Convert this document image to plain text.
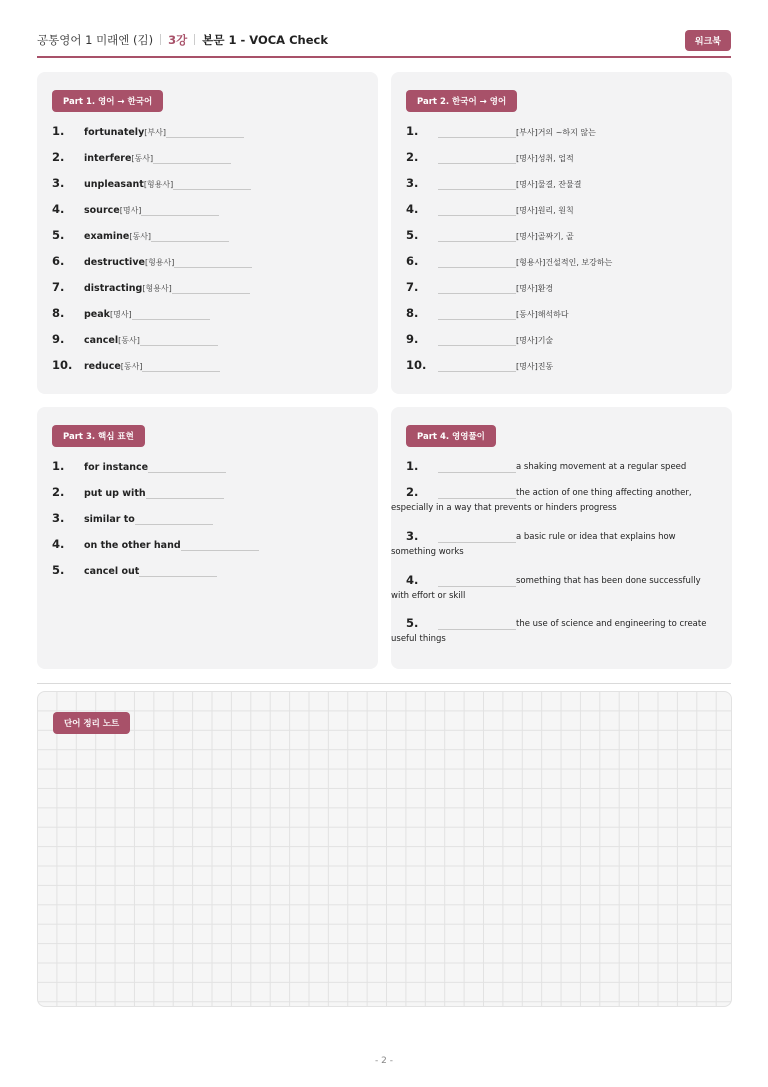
공통영어 1 미래엔 (김) 3강 본문 1 - VOCA Check	워크북
Part 1. 영어 → 한국어
1. fortunately[부사]
2. interfere[동사]
3. unpleasant[형용사]
4. source[명사]
5. examine[동사]
6. destructive[형용사]
7. distracting[형용사]
8. peak[명사]
9. cancel[동사]
10. reduce[동사]
Part 2. 한국어 → 영어
1.	[부사]거의 ~하지 않는
2.	[명사]성취, 업적
3.	[명사]물결, 잔물결
4.	[명사]원리, 원칙
5.	[명사]골짜기, 골
6.	[형용사]건설적인, 보강하는
7.	[명사]환경
8.	[동사]해석하다
9.	[명사]기술
10.	[명사]진동
Part 3. 핵심 표현
1. for instance
2. put up with
3. similar to
4. on the other hand
5. cancel out
Part 4. 영영풀이
1.	a shaking movement at a regular speed
2.	the action of one thing affecting another,
especially in a way that prevents or hinders progress
3.	a basic rule or idea that explains how
something works
4.	something that has been done successfully
with effort or skill
5.	the use of science and engineering to create
useful things
단어 정리 노트
- 2 -
